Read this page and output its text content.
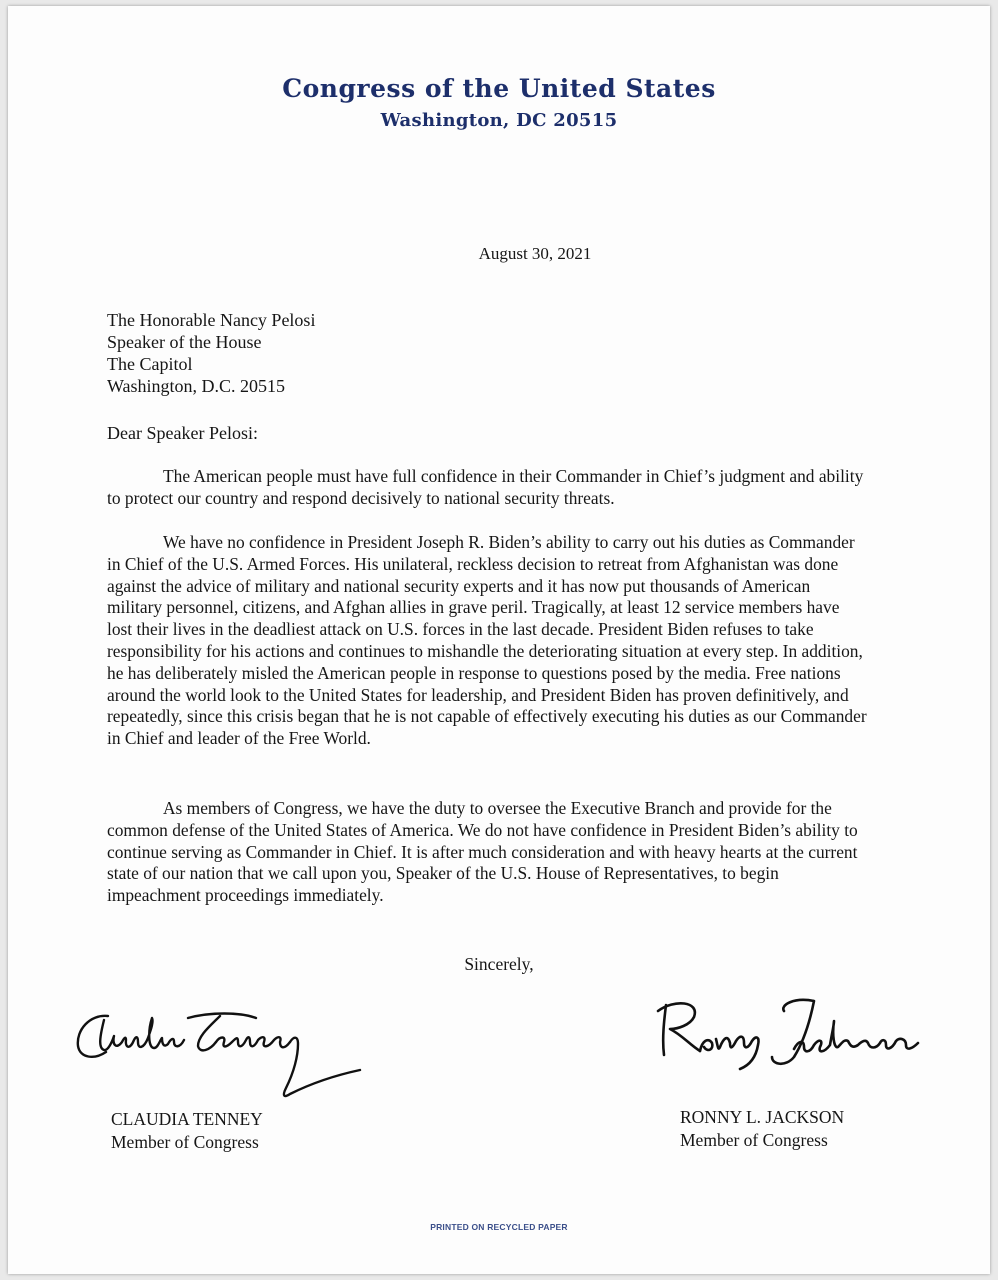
Congress of the United States
Washington, DC 20515
August 30, 2021
The Honorable Nancy Pelosi
Speaker of the House
The Capitol
Washington, D.C. 20515
Dear Speaker Pelosi:

The American people must have full confidence in their Commander in Chief’s judgment and ability to protect our country and respond decisively to national security threats.

We have no confidence in President Joseph R. Biden’s ability to carry out his duties as Commander in Chief of the U.S. Armed Forces. His unilateral, reckless decision to retreat from Afghanistan was done against the advice of military and national security experts and it has now put thousands of American military personnel, citizens, and Afghan allies in grave peril. Tragically, at least 12 service members have lost their lives in the deadliest attack on U.S. forces in the last decade. President Biden refuses to take responsibility for his actions and continues to mishandle the deteriorating situation at every step. In addition, he has deliberately misled the American people in response to questions posed by the media. Free nations around the world look to the United States for leadership, and President Biden has proven definitively, and repeatedly, since this crisis began that he is not capable of effectively executing his duties as our Commander in Chief and leader of the Free World.

As members of Congress, we have the duty to oversee the Executive Branch and provide for the common defense of the United States of America. We do not have confidence in President Biden’s ability to continue serving as Commander in Chief. It is after much consideration and with heavy hearts at the current state of our nation that we call upon you, Speaker of the U.S. House of Representatives, to begin impeachment proceedings immediately.

Sincerely,
CLAUDIA TENNEY
Member of Congress
RONNY L. JACKSON
Member of Congress
PRINTED ON RECYCLED PAPER
